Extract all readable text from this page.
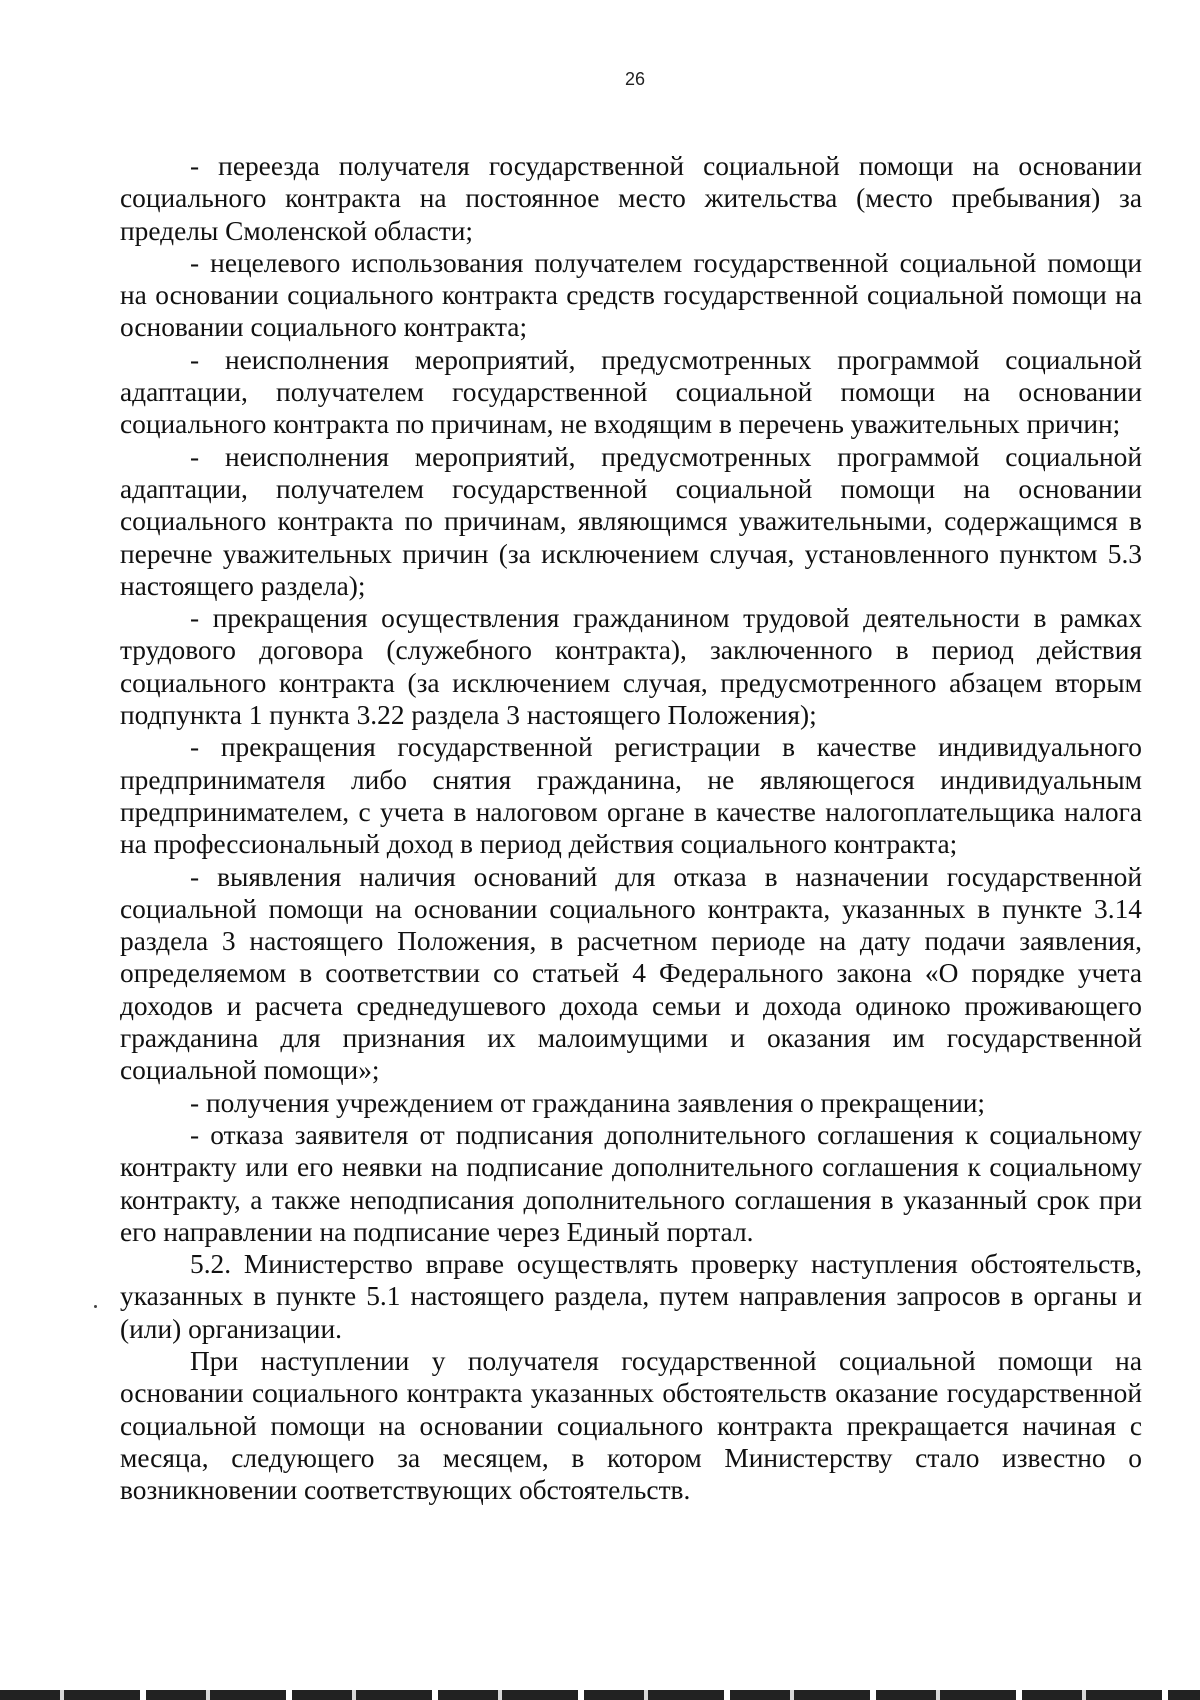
26

- переезда получателя государственной социальной помощи на основании социального контракта на постоянное место жительства (место пребывания) за пределы Смоленской области;

- нецелевого использования получателем государственной социальной помощи на основании социального контракта средств государственной социальной помощи на основании социального контракта;

- неисполнения мероприятий, предусмотренных программой социальной адаптации, получателем государственной социальной помощи на основании социального контракта по причинам, не входящим в перечень уважительных причин;

- неисполнения мероприятий, предусмотренных программой социальной адаптации, получателем государственной социальной помощи на основании социального контракта по причинам, являющимся уважительными, содержащимся в перечне уважительных причин (за исключением случая, установленного пунктом 5.3 настоящего раздела);

- прекращения осуществления гражданином трудовой деятельности в рамках трудового договора (служебного контракта), заключенного в период действия социального контракта (за исключением случая, предусмотренного абзацем вторым подпункта 1 пункта 3.22 раздела 3 настоящего Положения);

- прекращения государственной регистрации в качестве индивидуального предпринимателя либо снятия гражданина, не являющегося индивидуальным предпринимателем, с учета в налоговом органе в качестве налогоплательщика налога на профессиональный доход в период действия социального контракта;

- выявления наличия оснований для отказа в назначении государственной социальной помощи на основании социального контракта, указанных в пункте 3.14 раздела 3 настоящего Положения, в расчетном периоде на дату подачи заявления, определяемом в соответствии со статьей 4 Федерального закона «О порядке учета доходов и расчета среднедушевого дохода семьи и дохода одиноко проживающего гражданина для признания их малоимущими и оказания им государственной социальной помощи»;

- получения учреждением от гражданина заявления о прекращении;

- отказа заявителя от подписания дополнительного соглашения к социальному контракту или его неявки на подписание дополнительного соглашения к социальному контракту, а также неподписания дополнительного соглашения в указанный срок при его направлении на подписание через Единый портал.

5.2. Министерство вправе осуществлять проверку наступления обстоятельств, указанных в пункте 5.1 настоящего раздела, путем направления запросов в органы и (или) организации.

При наступлении у получателя государственной социальной помощи на основании социального контракта указанных обстоятельств оказание государственной социальной помощи на основании социального контракта прекращается начиная с месяца, следующего за месяцем, в котором Министерству стало известно о возникновении соответствующих обстоятельств.
